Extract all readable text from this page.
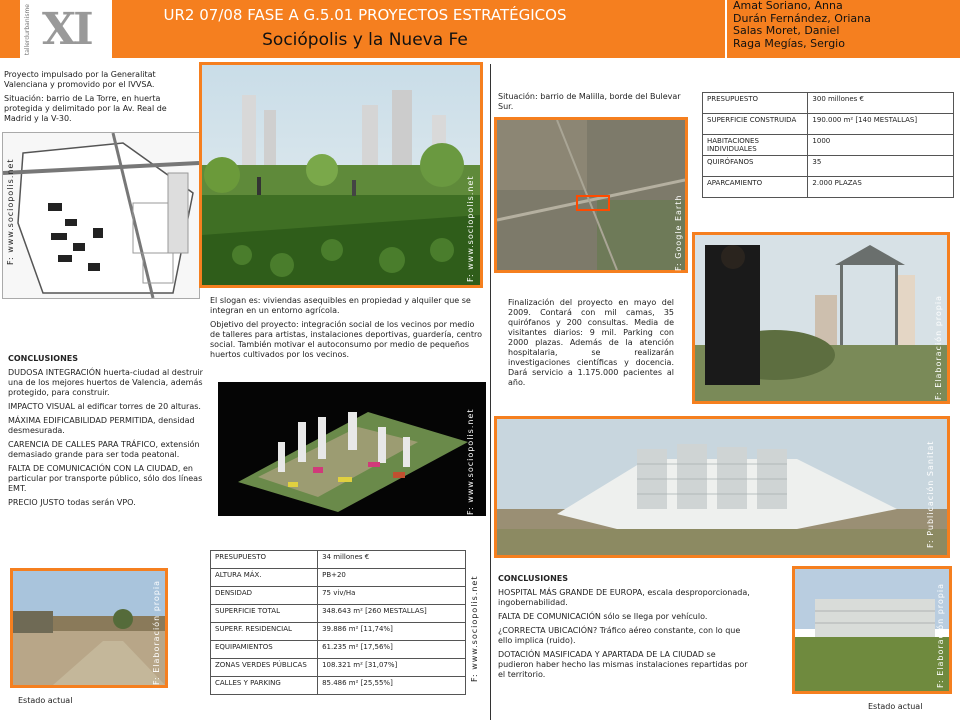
tallerdurbanisme XI	UR2 07/08 FASE A G.5.01 PROYECTOS ESTRATÉGICOS
Sociópolis y la Nueva Fe
Amat Soriano, Anna
Durán Fernández, Oriana
Salas Moret, Daniel
Raga Megías, Sergio

Proyecto impulsado por la Generalitat Valenciana y promovido por el IVVSA.

Situación: barrio de La Torre, en huerta protegida y delimitado por la Av. Real de Madrid y la V-30.

F: www.sociopolis.net	F: www.sociopolis.net

El slogan es: viviendas asequibles en propiedad y alquiler que se integran en un entorno agrícola.

Objetivo del proyecto: integración social de los vecinos por medio de talleres para artistas, instalaciones deportivas, guardería, centro social. También motivar el autoconsumo por medio de pequeños huertos cultivados por los vecinos.

CONCLUSIONES

DUDOSA INTEGRACIÓN huerta-ciudad al destruir una de los mejores huertos de Valencia, además protegido, para construir.

IMPACTO VISUAL al edificar torres de 20 alturas.

MÁXIMA EDIFICABILIDAD PERMITIDA, densidad desmesurada.

CARENCIA DE CALLES PARA TRÁFICO, extensión demasiado grande para ser toda peatonal.

FALTA DE COMUNICACIÓN CON LA CIUDAD, en particular por transporte público, sólo dos líneas EMT.

PRECIO JUSTO todas serán VPO.	F: www.sociopolis.net
F: Elaboración propia
Estado actual
PRESUPUESTO	34 millones €
ALTURA MÁX.	PB+20
DENSIDAD	75 viv/Ha
SUPERFICIE TOTAL	348.643 m² [260 MESTALLAS]
SUPERF. RESIDENCIAL	39.886 m² [11,74%]
EQUIPAMIENTOS	61.235 m² [17,56%]
ZONAS VERDES PÚBLICAS	108.321 m² [31,07%]
CALLES Y PARKING	85.486 m² [25,55%]
F: www.sociopolis.net
Situación: barrio de Malilla, borde del Bulevar Sur.
F: Google Earth
PRESUPUESTO	300 millones €
SUPERFICIE CONSTRUIDA	190.000 m² [140 MESTALLAS]
HABITACIONES INDIVIDUALES	1000
QUIRÓFANOS	35
APARCAMIENTO	2.000 PLAZAS
Finalización del proyecto en mayo del 2009. Contará con mil camas, 35 quirófanos y 200 consultas. Media de visitantes diarios: 9 mil. Parking con 2000 plazas. Además de la atención hospitalaria, se realizarán investigaciones científicas y docencia. Dará servicio a 1.175.000 pacientes al año.	F: Elaboración propia
F: Publicación Sanitat

CONCLUSIONES

HOSPITAL MÁS GRANDE DE EUROPA, escala desproporcionada, ingobernabilidad.

FALTA DE COMUNICACIÓN sólo se llega por vehículo.

¿CORRECTA UBICACIÓN? Tráfico aéreo constante, con lo que ello implica (ruido).

DOTACIÓN MASIFICADA Y APARTADA DE LA CIUDAD se pudieron haber hecho las mismas instalaciones repartidas por el territorio.	F: Elaboración propia
Estado actual
